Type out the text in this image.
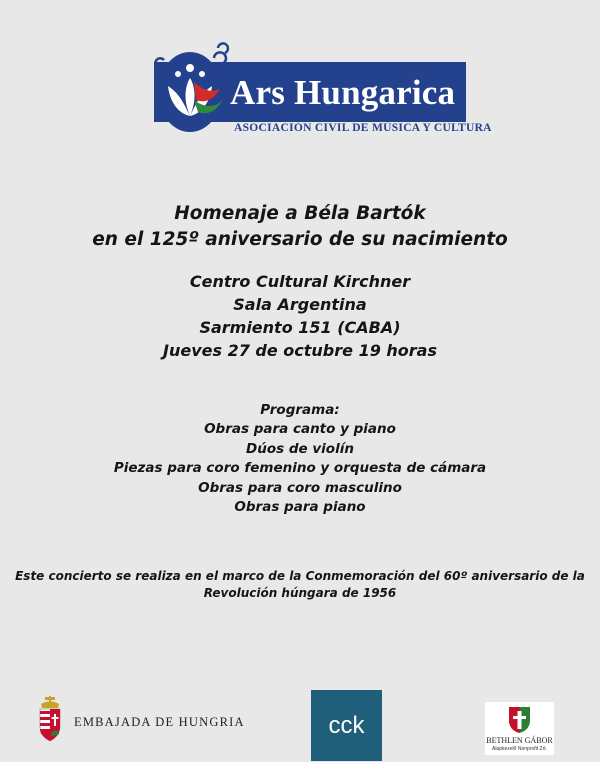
Ars Hungarica
ASOCIACIÓN CIVIL DE MÚSICA Y CULTURA
Homenaje a Béla Bartók
en el 125º aniversario de su nacimiento
Centro Cultural Kirchner
Sala Argentina
Sarmiento 151 (CABA)
Jueves 27 de octubre 19 horas
Programa:
Obras para canto y piano
Dúos de violín
Piezas para coro femenino y orquesta de cámara
Obras para coro masculino
Obras para piano
Este concierto se realiza en el marco de la Conmemoración del 60º aniversario de la
Revolución húngara de 1956
EMBAJADA DE HUNGRIA	cck
BETHLEN GÁBOR
Alapkezelő Nonprofit Zrt.
